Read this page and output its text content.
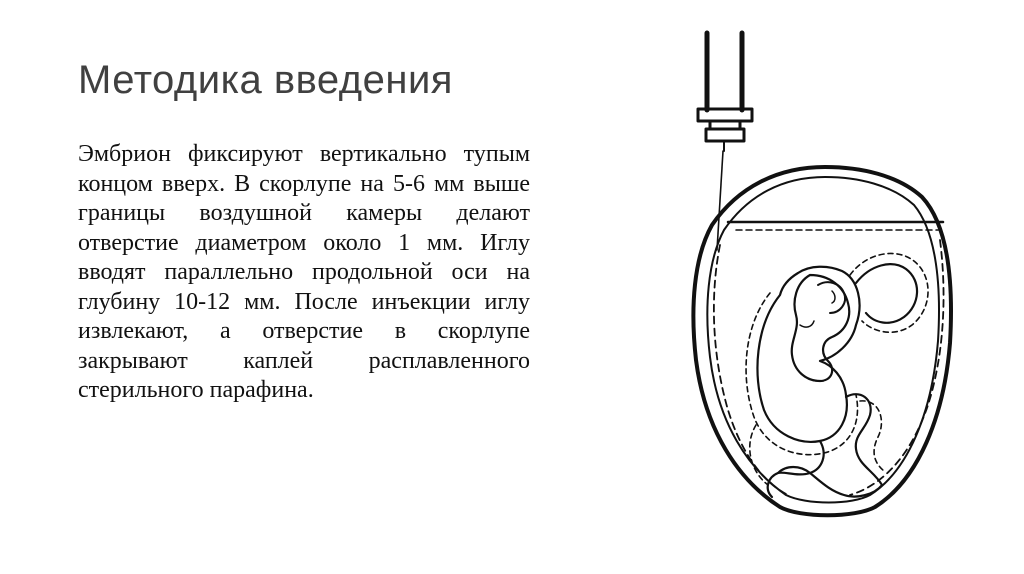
Методика введения

Эмбрион фиксируют вертикально тупым концом вверх. В скорлупе на 5-6 мм выше границы воздушной камеры делают отверстие диаметром около 1 мм. Иглу вводят параллельно продольной оси на глубину 10-12 мм. После инъекции иглу извлекают, а отверстие в скорлупе закрывают каплей расплавленного стерильного парафина.
